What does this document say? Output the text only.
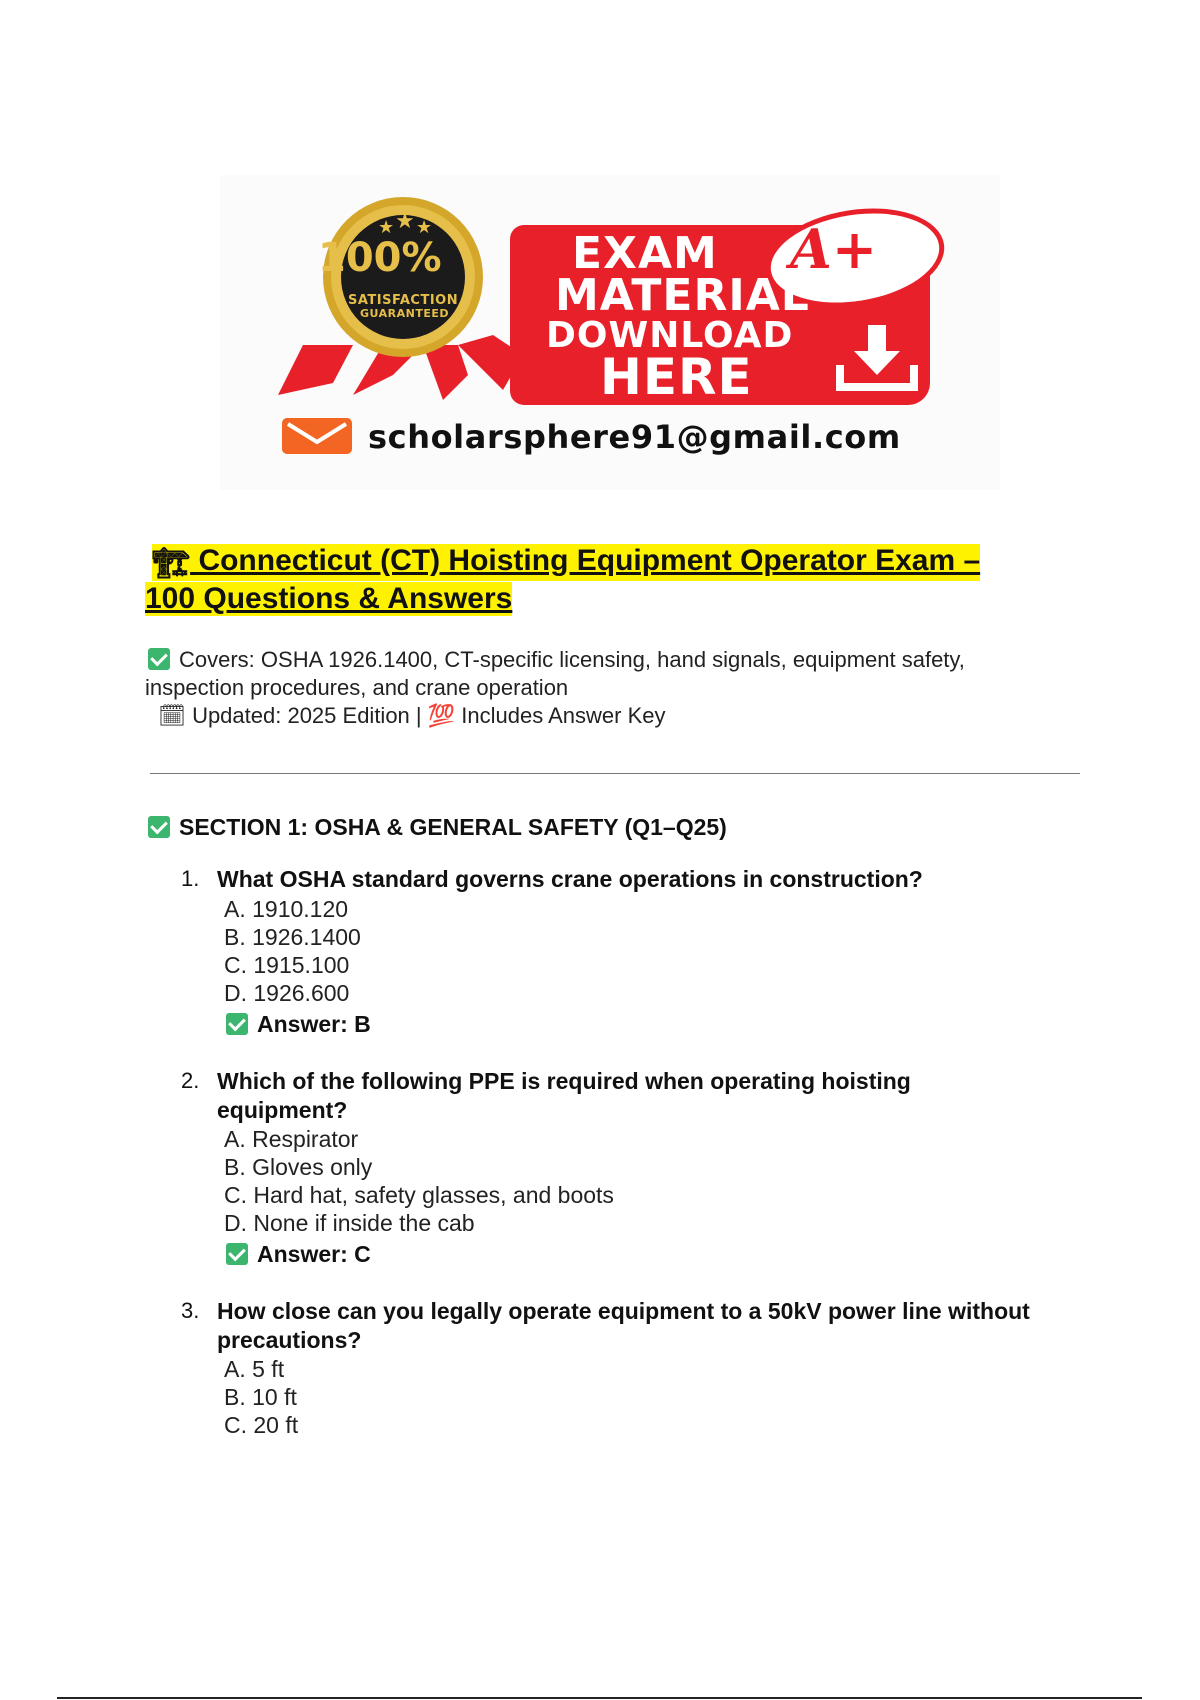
★ ★ ★
100%
SATISFACTION
GUARANTEED
A+
EXAM
MATERIAL
DOWNLOAD
HERE
scholarsphere91@gmail.com
🏗 Connecticut (CT) Hoisting Equipment Operator Exam –
100 Questions & Answers
Covers: OSHA 1926.1400, CT-specific licensing, hand signals, equipment safety,
inspection procedures, and crane operation
🗓 Updated: 2025 Edition | 💯 Includes Answer Key
SECTION 1: OSHA & GENERAL SAFETY (Q1–Q25)
1. What OSHA standard governs crane operations in construction?
A. 1910.120
B. 1926.1400
C. 1915.100
D. 1926.600
Answer: B
2. Which of the following PPE is required when operating hoisting
equipment?
A. Respirator
B. Gloves only
C. Hard hat, safety glasses, and boots
D. None if inside the cab
Answer: C
3. How close can you legally operate equipment to a 50kV power line without
precautions?
A. 5 ft
B. 10 ft
C. 20 ft
